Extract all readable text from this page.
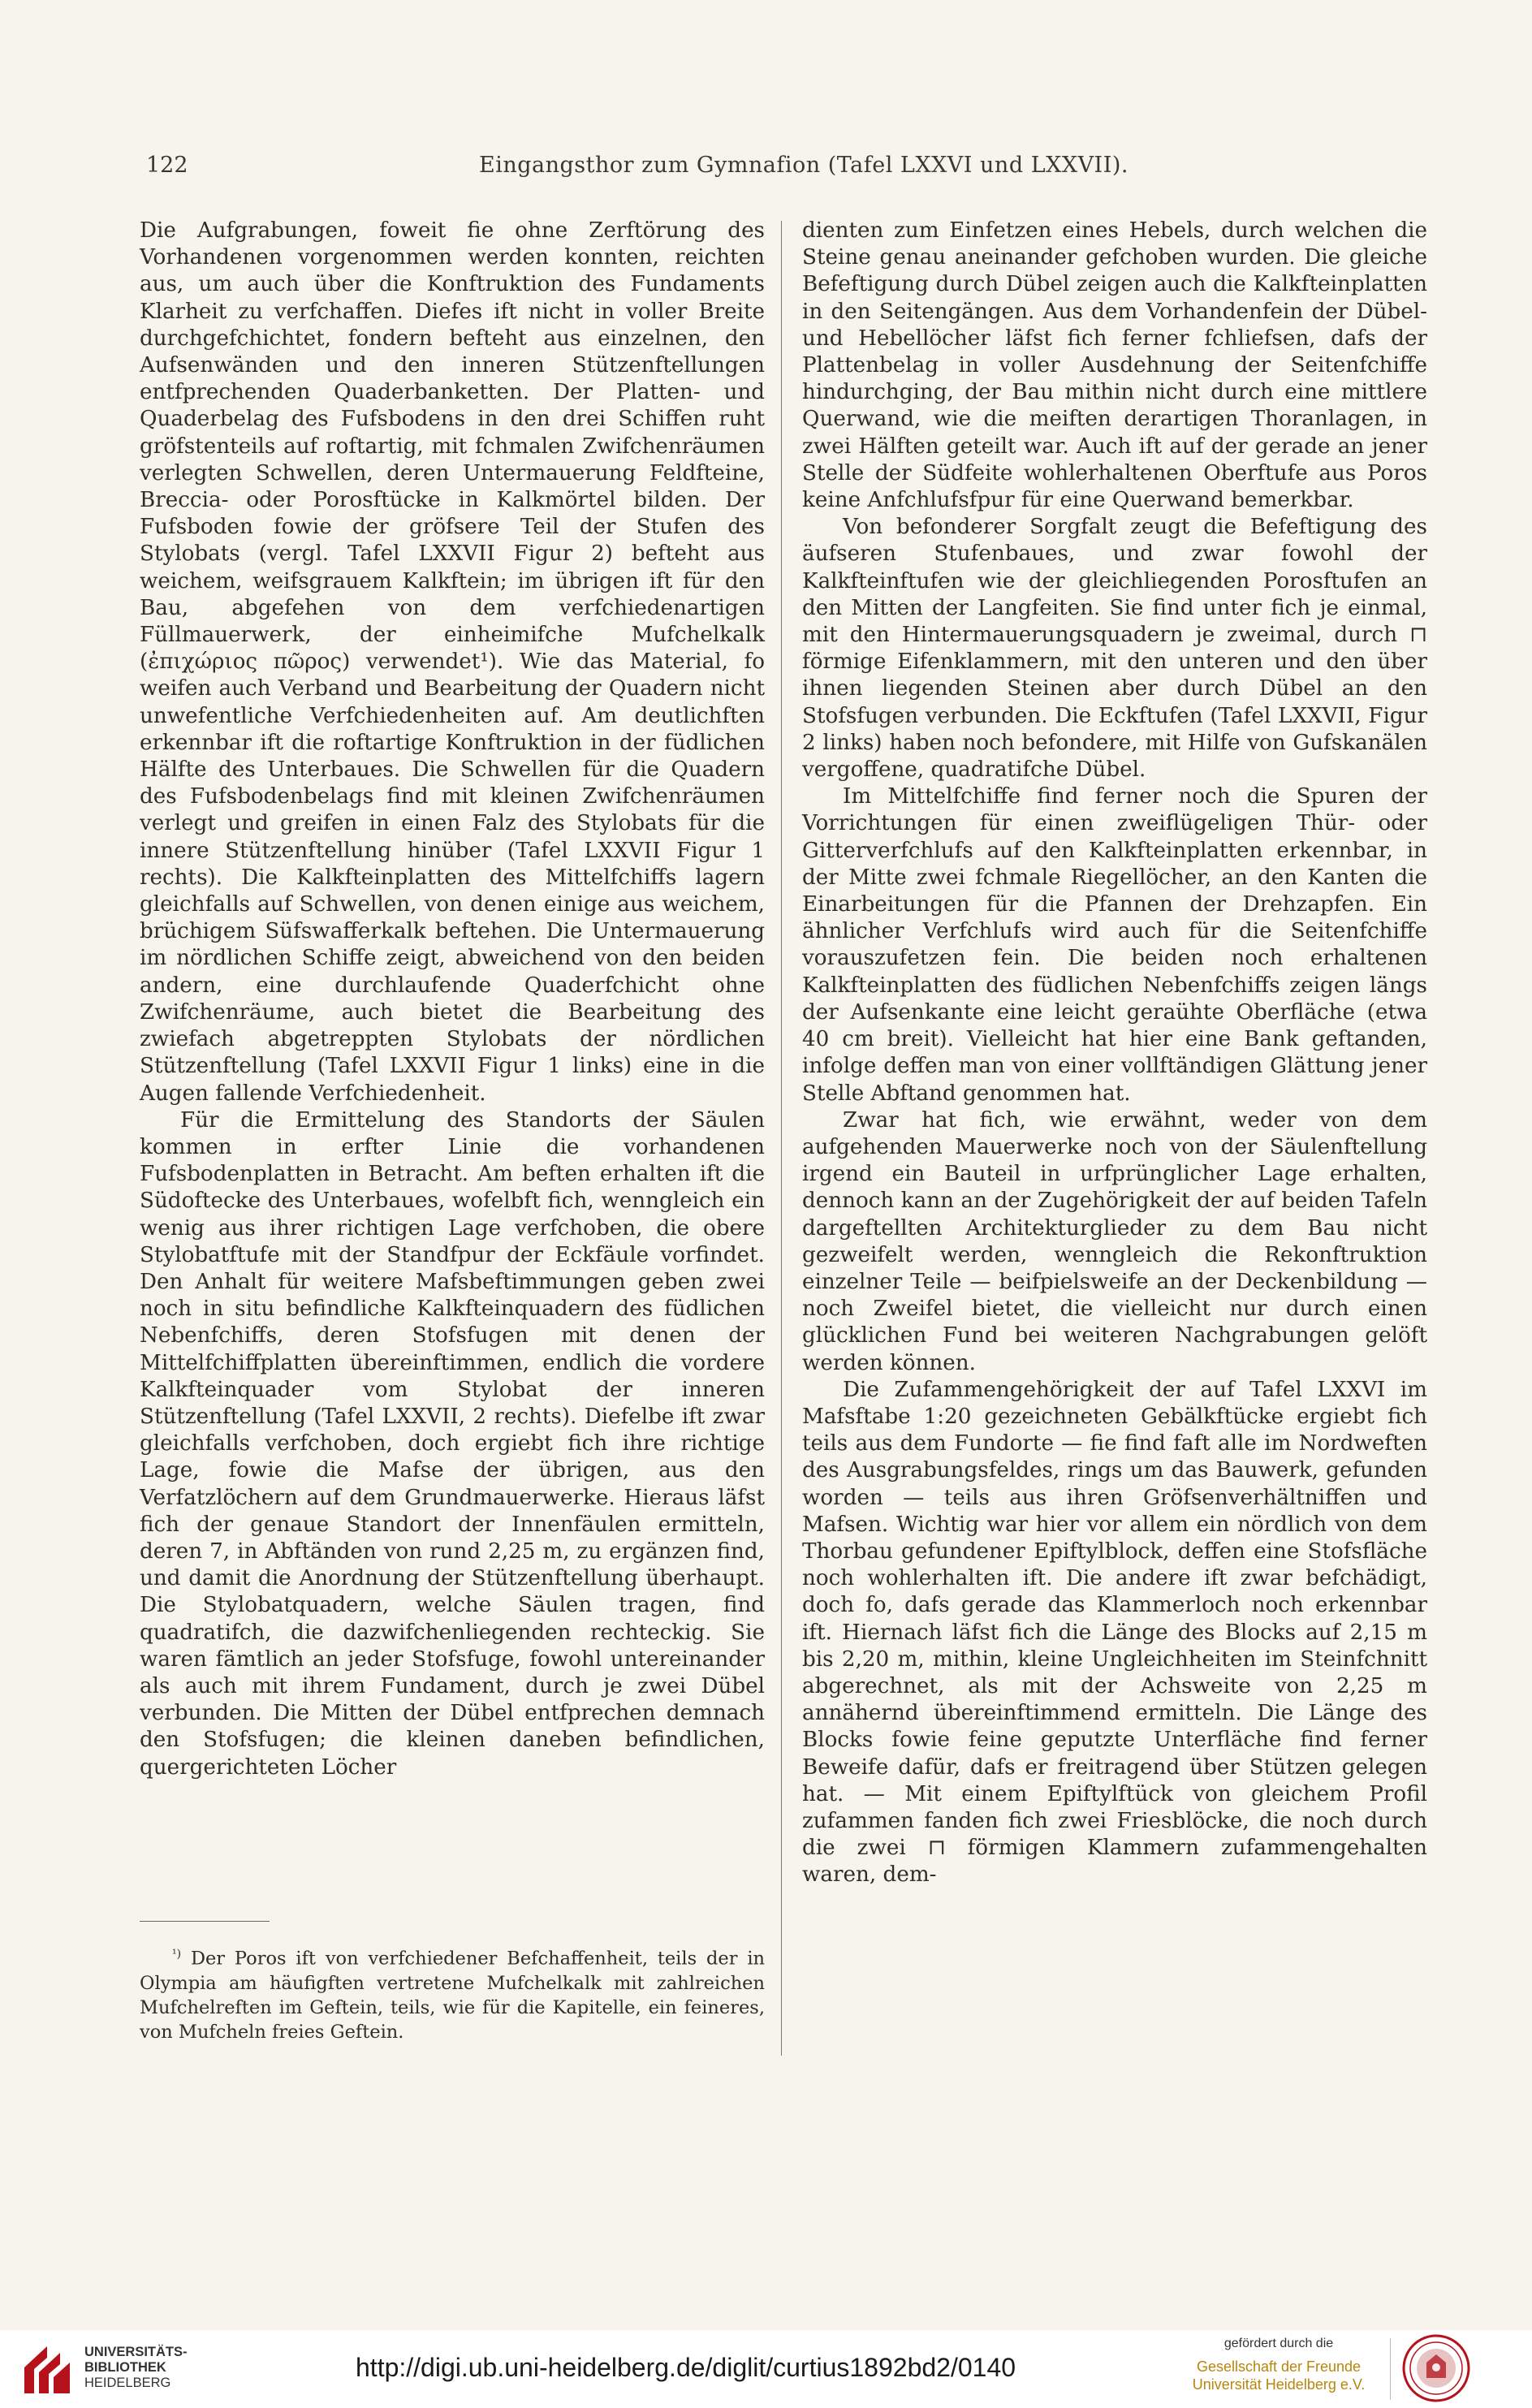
122	Eingangsthor zum Gymnafion (Tafel LXXVI und LXXVII).

Die Aufgrabungen, foweit fie ohne Zerftörung des Vorhandenen vorgenommen werden konnten, reichten aus, um auch über die Konftruktion des Fundaments Klarheit zu verfchaffen. Diefes ift nicht in voller Breite durchgefchichtet, fondern befteht aus einzelnen, den Aufsenwänden und den inneren Stützenftellungen entfprechenden Quaderbanketten. Der Platten- und Quaderbelag des Fufsbodens in den drei Schiffen ruht gröfstenteils auf roftartig, mit fchmalen Zwifchenräumen verlegten Schwellen, deren Untermauerung Feldfteine, Breccia- oder Porosftücke in Kalkmörtel bilden. Der Fufsboden fowie der gröfsere Teil der Stufen des Stylobats (vergl. Tafel LXXVII Figur 2) befteht aus weichem, weifsgrauem Kalkftein; im übrigen ift für den Bau, abgefehen von dem verfchiedenartigen Füllmauerwerk, der einheimifche Mufchelkalk (ἐπιχώριος πῶρος) verwendet¹). Wie das Material, fo weifen auch Verband und Bearbeitung der Quadern nicht unwefentliche Verfchiedenheiten auf. Am deutlichften erkennbar ift die roftartige Konftruktion in der füdlichen Hälfte des Unterbaues. Die Schwellen für die Quadern des Fufsbodenbelags find mit kleinen Zwifchenräumen verlegt und greifen in einen Falz des Stylobats für die innere Stützenftellung hinüber (Tafel LXXVII Figur 1 rechts). Die Kalkfteinplatten des Mittelfchiffs lagern gleichfalls auf Schwellen, von denen einige aus weichem, brüchigem Süfswafferkalk beftehen. Die Untermauerung im nördlichen Schiffe zeigt, abweichend von den beiden andern, eine durchlaufende Quaderfchicht ohne Zwifchenräume, auch bietet die Bearbeitung des zwiefach abgetreppten Stylobats der nördlichen Stützenftellung (Tafel LXXVII Figur 1 links) eine in die Augen fallende Verfchiedenheit.

Für die Ermittelung des Standorts der Säulen kommen in erfter Linie die vorhandenen Fufsbodenplatten in Betracht. Am beften erhalten ift die Südoftecke des Unterbaues, wofelbft fich, wenngleich ein wenig aus ihrer richtigen Lage verfchoben, die obere Stylobatftufe mit der Standfpur der Eckfäule vorfindet. Den Anhalt für weitere Mafsbeftimmungen geben zwei noch in situ befindliche Kalkfteinquadern des füdlichen Nebenfchiffs, deren Stofsfugen mit denen der Mittelfchiffplatten übereinftimmen, endlich die vordere Kalkfteinquader vom Stylobat der inneren Stützenftellung (Tafel LXXVII, 2 rechts). Diefelbe ift zwar gleichfalls verfchoben, doch ergiebt fich ihre richtige Lage, fowie die Mafse der übrigen, aus den Verfatzlöchern auf dem Grundmauerwerke. Hieraus läfst fich der genaue Standort der Innenfäulen ermitteln, deren 7, in Abftänden von rund 2,25 m, zu ergänzen find, und damit die Anordnung der Stützenftellung überhaupt. Die Stylobatquadern, welche Säulen tragen, find quadratifch, die dazwifchenliegenden rechteckig. Sie waren fämtlich an jeder Stofsfuge, fowohl untereinander als auch mit ihrem Fundament, durch je zwei Dübel verbunden. Die Mitten der Dübel entfprechen demnach den Stofsfugen; die kleinen daneben befindlichen, quergerichteten Löcher

dienten zum Einfetzen eines Hebels, durch welchen die Steine genau aneinander gefchoben wurden. Die gleiche Befeftigung durch Dübel zeigen auch die Kalkfteinplatten in den Seitengängen. Aus dem Vorhandenfein der Dübel- und Hebellöcher läfst fich ferner fchliefsen, dafs der Plattenbelag in voller Ausdehnung der Seitenfchiffe hindurchging, der Bau mithin nicht durch eine mittlere Querwand, wie die meiften derartigen Thoranlagen, in zwei Hälften geteilt war. Auch ift auf der gerade an jener Stelle der Südfeite wohlerhaltenen Oberftufe aus Poros keine Anfchlufsfpur für eine Querwand bemerkbar.

Von befonderer Sorgfalt zeugt die Befeftigung des äufseren Stufenbaues, und zwar fowohl der Kalkfteinftufen wie der gleichliegenden Porosftufen an den Mitten der Langfeiten. Sie find unter fich je einmal, mit den Hintermauerungsquadern je zweimal, durch ⊓ förmige Eifenklammern, mit den unteren und den über ihnen liegenden Steinen aber durch Dübel an den Stofsfugen verbunden. Die Eckftufen (Tafel LXXVII, Figur 2 links) haben noch befondere, mit Hilfe von Gufskanälen vergoffene, quadratifche Dübel.

Im Mittelfchiffe find ferner noch die Spuren der Vorrichtungen für einen zweiflügeligen Thür- oder Gitterverfchlufs auf den Kalkfteinplatten erkennbar, in der Mitte zwei fchmale Riegellöcher, an den Kanten die Einarbeitungen für die Pfannen der Drehzapfen. Ein ähnlicher Verfchlufs wird auch für die Seitenfchiffe vorauszufetzen fein. Die beiden noch erhaltenen Kalkfteinplatten des füdlichen Nebenfchiffs zeigen längs der Aufsenkante eine leicht geraühte Oberfläche (etwa 40 cm breit). Vielleicht hat hier eine Bank geftanden, infolge deffen man von einer vollftändigen Glättung jener Stelle Abftand genommen hat.

Zwar hat fich, wie erwähnt, weder von dem aufgehenden Mauerwerke noch von der Säulenftellung irgend ein Bauteil in urfprünglicher Lage erhalten, dennoch kann an der Zugehörigkeit der auf beiden Tafeln dargeftellten Architekturglieder zu dem Bau nicht gezweifelt werden, wenngleich die Rekonftruktion einzelner Teile — beifpielsweife an der Deckenbildung — noch Zweifel bietet, die vielleicht nur durch einen glücklichen Fund bei weiteren Nachgrabungen gelöft werden können.

Die Zufammengehörigkeit der auf Tafel LXXVI im Mafsftabe 1:20 gezeichneten Gebälkftücke ergiebt fich teils aus dem Fundorte — fie find faft alle im Nordweften des Ausgrabungsfeldes, rings um das Bauwerk, gefunden worden — teils aus ihren Gröfsenverhältniffen und Mafsen. Wichtig war hier vor allem ein nördlich von dem Thorbau gefundener Epiftylblock, deffen eine Stofsfläche noch wohlerhalten ift. Die andere ift zwar befchädigt, doch fo, dafs gerade das Klammerloch noch erkennbar ift. Hiernach läfst fich die Länge des Blocks auf 2,15 m bis 2,20 m, mithin, kleine Ungleichheiten im Steinfchnitt abgerechnet, als mit der Achsweite von 2,25 m annähernd übereinftimmend ermitteln. Die Länge des Blocks fowie feine geputzte Unterfläche find ferner Beweife dafür, dafs er freitragend über Stützen gelegen hat. — Mit einem Epiftylftück von gleichem Profil zufammen fanden fich zwei Friesblöcke, die noch durch die zwei ⊓ förmigen Klammern zufammengehalten waren, dem-

$^{^1)}$ Der Poros ift von verfchiedener Befchaffenheit, teils der in Olympia am häufigften vertretene Mufchelkalk mit zahlreichen Mufchelreften im Geftein, teils, wie für die Kapitelle, ein feineres, von Mufcheln freies Geftein.

UNIVERSITÄTS-
BIBLIOTHEK
HEIDELBERG
http://digi.ub.uni-heidelberg.de/diglit/curtius1892bd2/0140
gefördert durch die
Gesellschaft der Freunde
Universität Heidelberg e.V.
